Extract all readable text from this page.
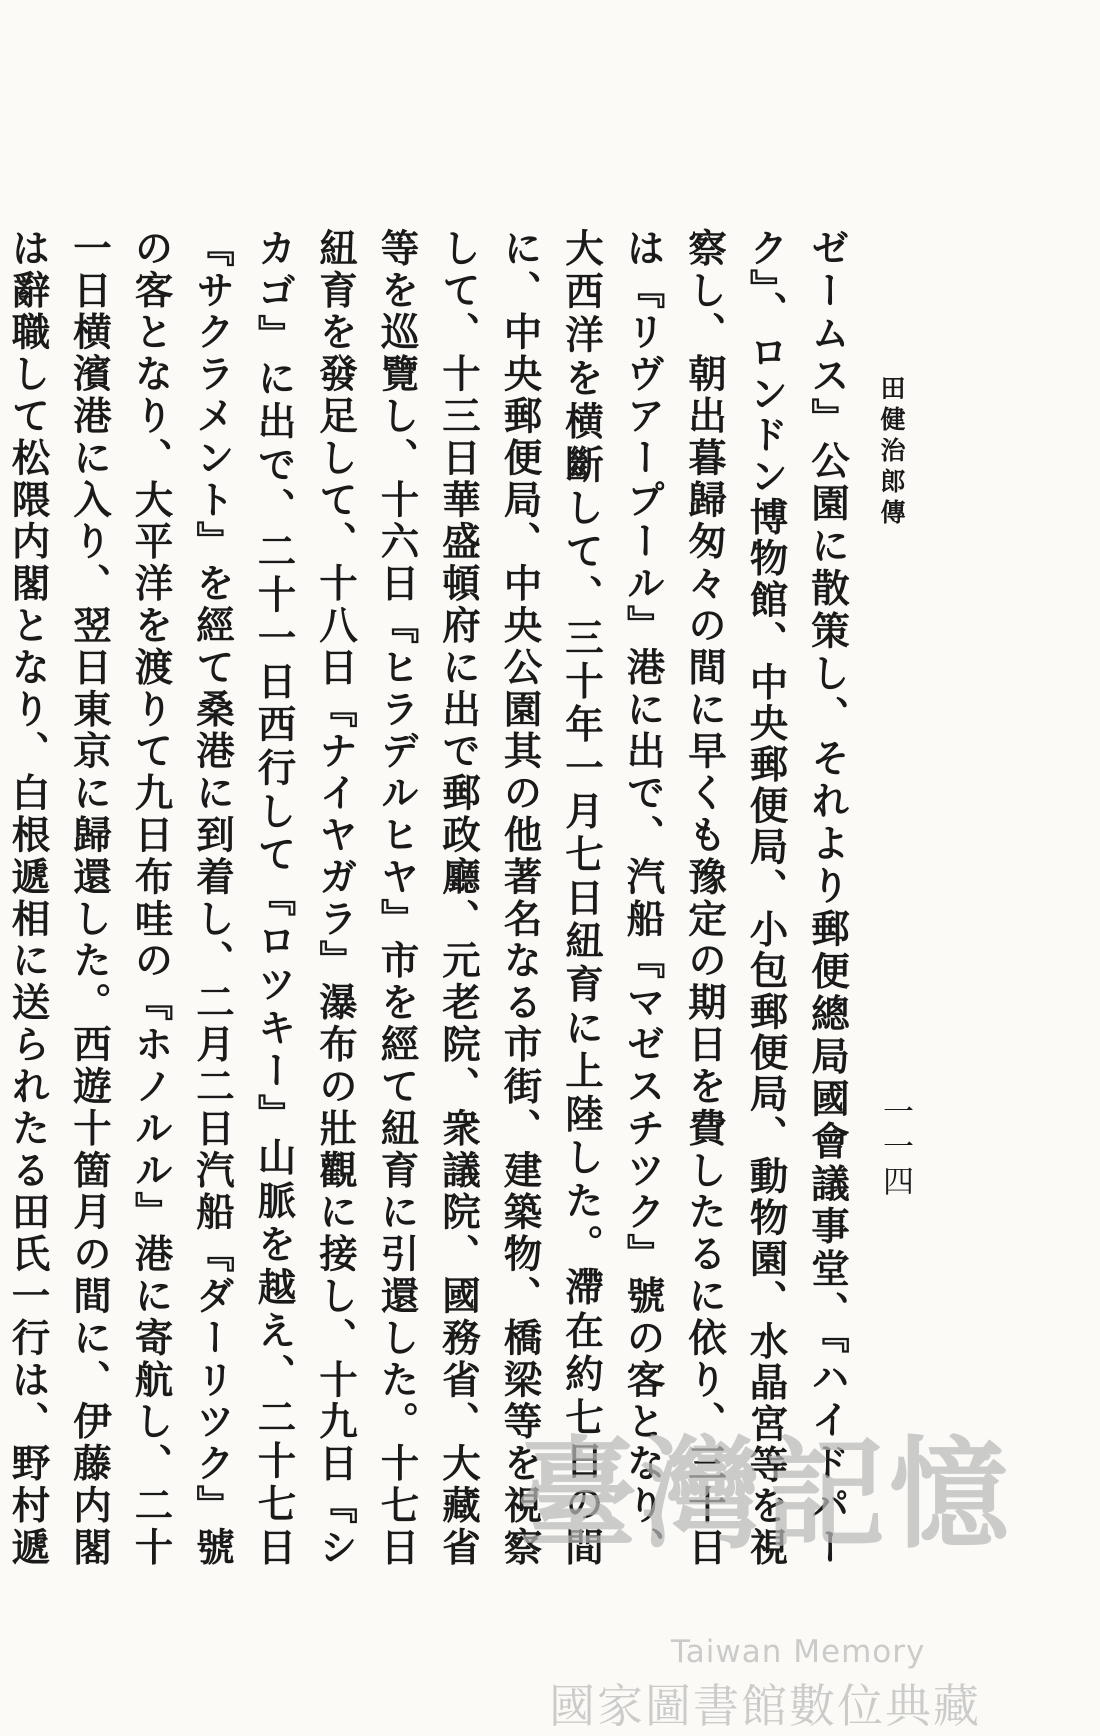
田健治郎傳
一一四

ゼームス』公園に散策し、それより郵便總局國會議事堂、『ハイドパーク』、ロンドン博物館、中央郵便局、小包郵便局、動物園、水晶宮等を視察し、朝出暮歸匆々の間に早くも豫定の期日を費したるに依り、三十日は『リヴアープール』港に出で、汽船『マゼスチツク』號の客となり、大西洋を横斷して、三十年一月七日紐育に上陸した。滯在約七日の間に、中央郵便局、中央公園其の他著名なる市街、建築物、橋梁等を視察して、十三日華盛頓府に出で郵政廳、元老院、衆議院、國務省、大藏省等を巡覽し、十六日『ヒラデルヒヤ』市を經て紐育に引還した。十七日紐育を發足して、十八日『ナイヤガラ』瀑布の壯觀に接し、十九日『シカゴ』に出で、二十一日西行して『ロツキー』山脈を越え、二十七日『サクラメント』を經て桑港に到着し、二月二日汽船『ダーリツク』號の客となり、大平洋を渡りて九日布哇の『ホノルル』港に寄航し、二十一日横濱港に入り、翌日東京に歸還した。西遊十箇月の間に、伊藤内閣は辭職して松隈内閣となり、白根遞相に送られたる田氏一行は、野村遞	臺灣記憶
Taiwan Memory
國家圖書館數位典藏
